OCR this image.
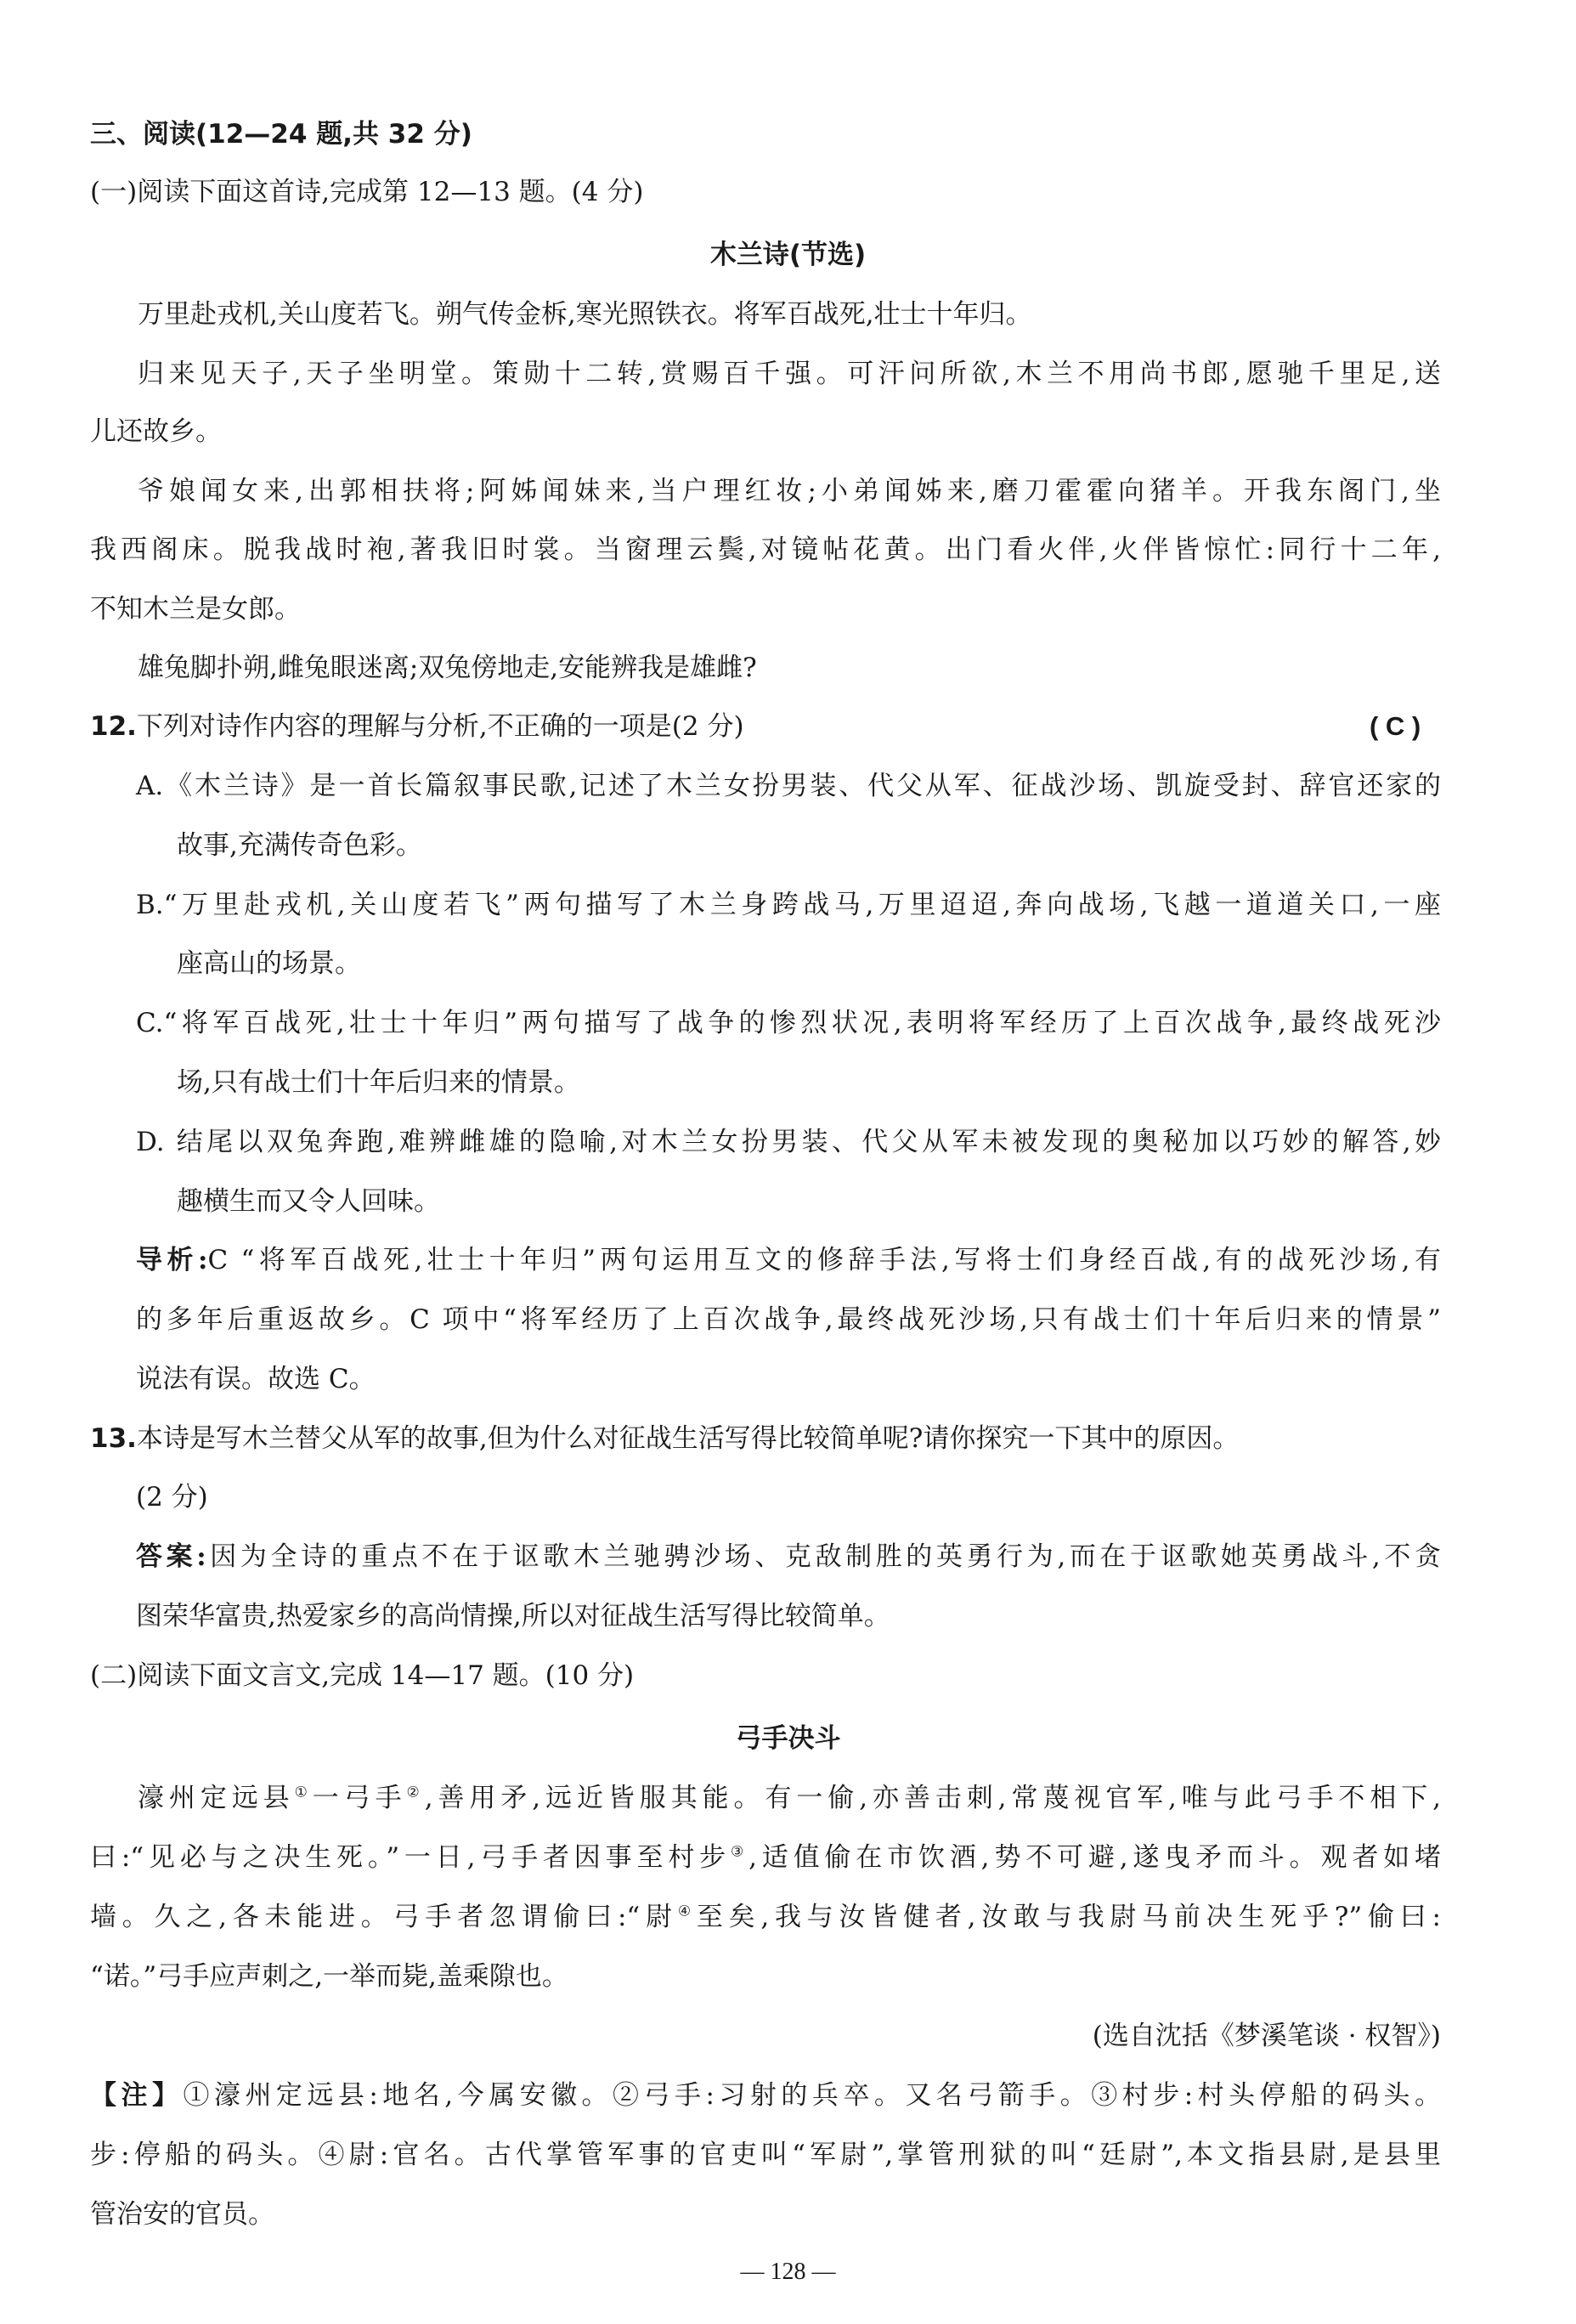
三、阅读(12—24 题,共 32 分)
(一)阅读下面这首诗,完成第 12—13 题。(4 分)
木兰诗(节选)
万里赴戎机,关山度若飞。朔气传金柝,寒光照铁衣。将军百战死,壮士十年归。
归来见天子,天子坐明堂。策勋十二转,赏赐百千强。可汗问所欲,木兰不用尚书郎,愿驰千里足,送
儿还故乡。
爷娘闻女来,出郭相扶将;阿姊闻妹来,当户理红妆;小弟闻姊来,磨刀霍霍向猪羊。开我东阁门,坐
我西阁床。脱我战时袍,著我旧时裳。当窗理云鬓,对镜帖花黄。出门看火伴,火伴皆惊忙:同行十二年,
不知木兰是女郎。
雄兔脚扑朔,雌兔眼迷离;双兔傍地走,安能辨我是雄雌?
12.下列对诗作内容的理解与分析,不正确的一项是(2 分)	( C )
A.《木兰诗》是一首长篇叙事民歌,记述了木兰女扮男装、代父从军、征战沙场、凯旋受封、辞官还家的
故事,充满传奇色彩。
B.“万里赴戎机,关山度若飞”两句描写了木兰身跨战马,万里迢迢,奔向战场,飞越一道道关口,一座
座高山的场景。
C.“将军百战死,壮士十年归”两句描写了战争的惨烈状况,表明将军经历了上百次战争,最终战死沙
场,只有战士们十年后归来的情景。
D. 结尾以双兔奔跑,难辨雌雄的隐喻,对木兰女扮男装、代父从军未被发现的奥秘加以巧妙的解答,妙
趣横生而又令人回味。
导析:C “将军百战死,壮士十年归”两句运用互文的修辞手法,写将士们身经百战,有的战死沙场,有
的多年后重返故乡。C 项中“将军经历了上百次战争,最终战死沙场,只有战士们十年后归来的情景”
说法有误。故选 C。
13.本诗是写木兰替父从军的故事,但为什么对征战生活写得比较简单呢?请你探究一下其中的原因。
(2 分)
答案:因为全诗的重点不在于讴歌木兰驰骋沙场、克敌制胜的英勇行为,而在于讴歌她英勇战斗,不贪
图荣华富贵,热爱家乡的高尚情操,所以对征战生活写得比较简单。
(二)阅读下面文言文,完成 14—17 题。(10 分)
弓手决斗
濠州定远县①一弓手②,善用矛,远近皆服其能。有一偷,亦善击刺,常蔑视官军,唯与此弓手不相下,
曰:“见必与之决生死。”一日,弓手者因事至村步③,适值偷在市饮酒,势不可避,遂曳矛而斗。观者如堵
墙。久之,各未能进。弓手者忽谓偷曰:“尉④至矣,我与汝皆健者,汝敢与我尉马前决生死乎?”偷曰:
“诺。”弓手应声刺之,一举而毙,盖乘隙也。
(选自沈括《梦溪笔谈 · 权智》)
【注】①濠州定远县:地名,今属安徽。②弓手:习射的兵卒。又名弓箭手。③村步:村头停船的码头。
步:停船的码头。④尉:官名。古代掌管军事的官吏叫“军尉”,掌管刑狱的叫“廷尉”,本文指县尉,是县里
管治安的官员。
— 128 —
